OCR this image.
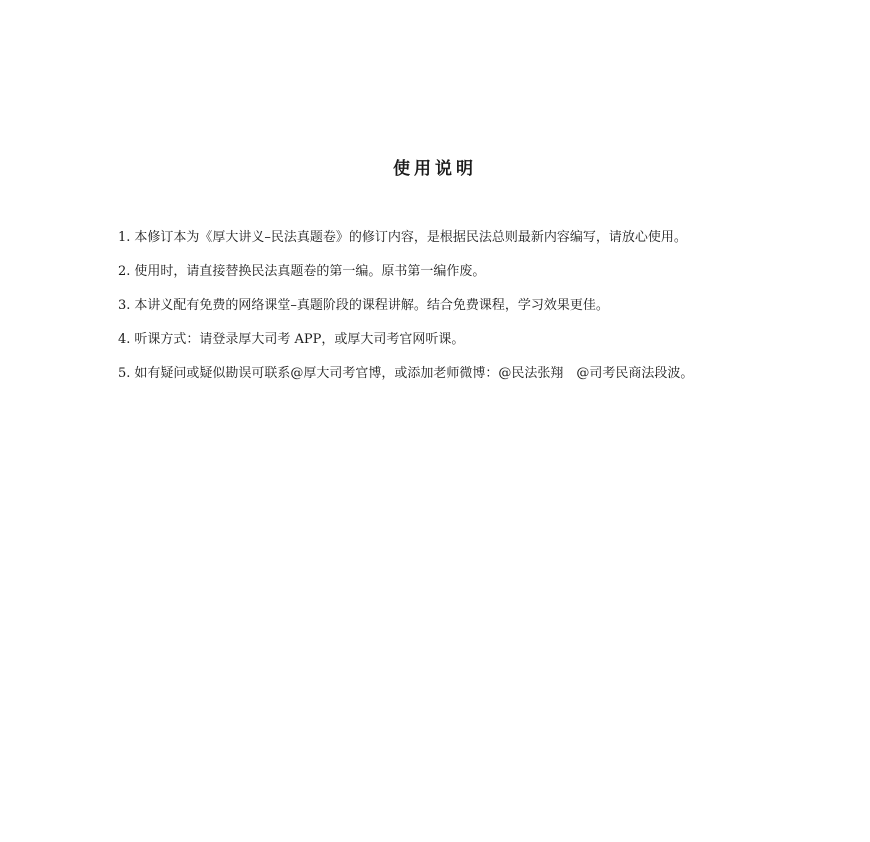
使用说明

1. 本修订本为《厚大讲义–民法真题卷》的修订内容，是根据民法总则最新内容编写，请放心使用。

2. 使用时，请直接替换民法真题卷的第一编。原书第一编作废。

3. 本讲义配有免费的网络课堂–真题阶段的课程讲解。结合免费课程，学习效果更佳。

4. 听课方式：请登录厚大司考 APP，或厚大司考官网听课。

5. 如有疑问或疑似勘误可联系@厚大司考官博，或添加老师微博：@民法张翔　@司考民商法段波。
